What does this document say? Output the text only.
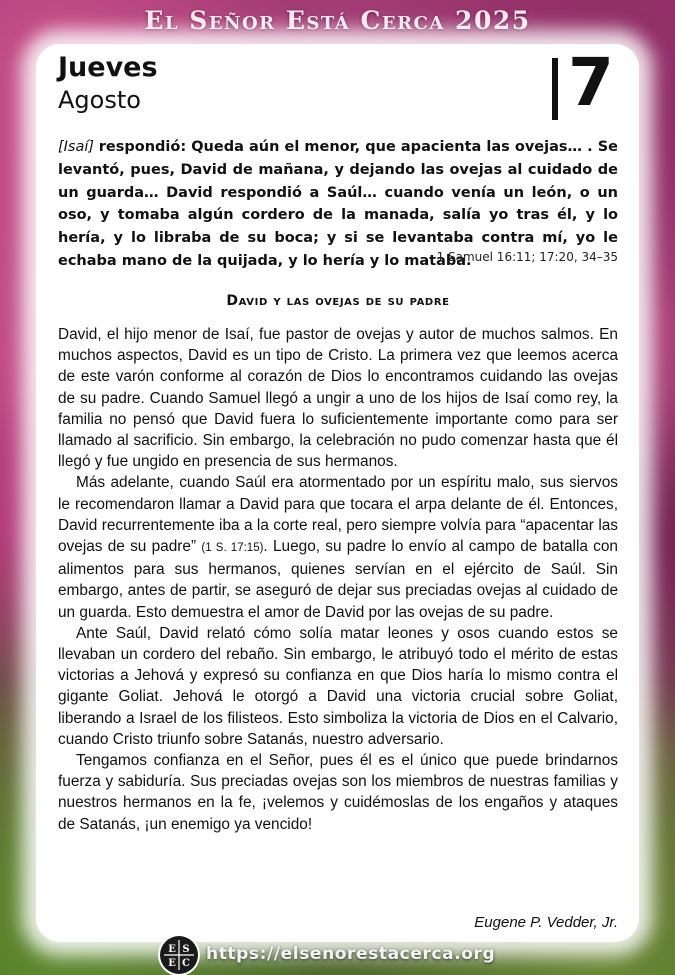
El Señor Está Cerca 2025
Jueves
Agosto	7
[Isaí] respondió: Queda aún el menor, que apacienta las ovejas… . Se levantó, pues, David de mañana, y dejando las ovejas al cuidado de un guarda… David respondió a Saúl… cuando venía un león, o un oso, y tomaba algún cordero de la manada, salía yo tras él, y lo hería, y lo libraba de su boca; y si se levantaba contra mí, yo le echaba mano de la quijada, y lo hería y lo mataba.
1 Samuel 16:11; 17:20, 34–35
David y las ovejas de su padre

David, el hijo menor de Isaí, fue pastor de ovejas y autor de muchos salmos. En muchos aspectos, David es un tipo de Cristo. La primera vez que leemos acerca de este varón conforme al corazón de Dios lo encontramos cuidando las ovejas de su padre. Cuando Samuel llegó a ungir a uno de los hijos de Isaí como rey, la familia no pensó que David fuera lo suficientemente importante como para ser llamado al sacrificio. Sin embargo, la celebración no pudo comenzar hasta que él llegó y fue ungido en presencia de sus hermanos.

Más adelante, cuando Saúl era atormentado por un espíritu malo, sus siervos le recomendaron llamar a David para que tocara el arpa delante de él. Entonces, David recurrentemente iba a la corte real, pero siempre volvía para “apacentar las ovejas de su padre” (1 S. 17:15). Luego, su padre lo envío al campo de batalla con alimentos para sus hermanos, quienes servían en el ejército de Saúl. Sin embargo, antes de partir, se aseguró de dejar sus preciadas ovejas al cuidado de un guarda. Esto demuestra el amor de David por las ovejas de su padre.

Ante Saúl, David relató cómo solía matar leones y osos cuando estos se llevaban un cordero del rebaño. Sin embargo, le atribuyó todo el mérito de estas victorias a Jehová y expresó su confianza en que Dios haría lo mismo contra el gigante Goliat. Jehová le otorgó a David una victoria crucial sobre Goliat, liberando a Israel de los filisteos. Esto simboliza la victoria de Dios en el Calvario, cuando Cristo triunfo sobre Satanás, nuestro adversario.

Tengamos confianza en el Señor, pues él es el único que puede brindarnos fuerza y sabiduría. Sus preciadas ovejas son los miembros de nuestras familias y nuestros hermanos en la fe, ¡velemos y cuidémoslas de los engaños y ataques de Satanás, ¡un enemigo ya vencido!

Eugene P. Vedder, Jr.
E S
E C https://elsenorestacerca.org
